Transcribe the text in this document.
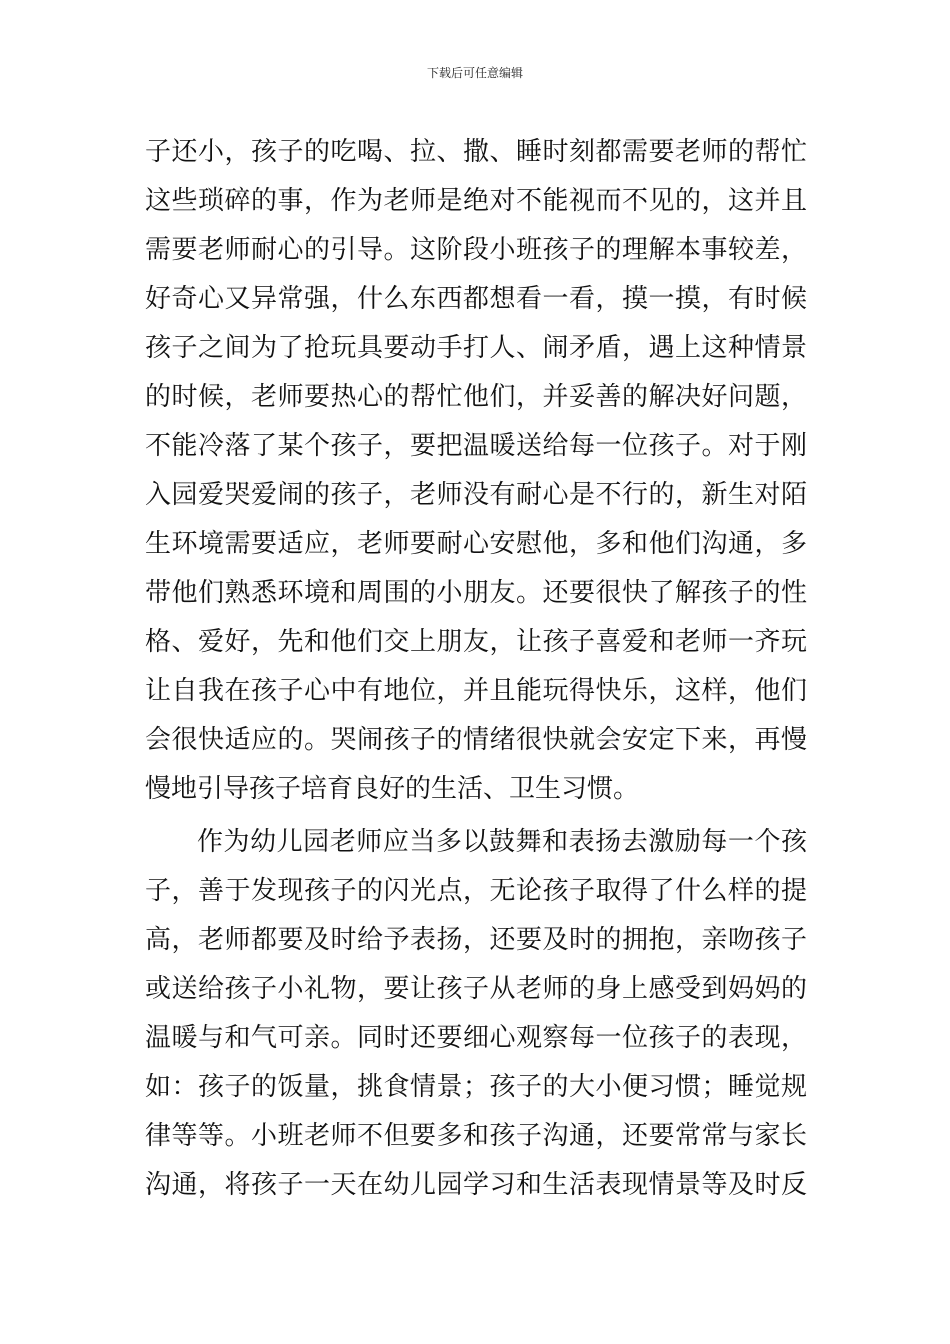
下载后可任意编辑
子还小，孩子的吃喝、拉、撒、睡时刻都需要老师的帮忙
这些琐碎的事，作为老师是绝对不能视而不见的，这并且
需要老师耐心的引导。这阶段小班孩子的理解本事较差，
好奇心又异常强，什么东西都想看一看，摸一摸，有时候
孩子之间为了抢玩具要动手打人、闹矛盾，遇上这种情景
的时候，老师要热心的帮忙他们，并妥善的解决好问题，
不能冷落了某个孩子，要把温暖送给每一位孩子。对于刚
入园爱哭爱闹的孩子，老师没有耐心是不行的，新生对陌
生环境需要适应，老师要耐心安慰他，多和他们沟通，多
带他们熟悉环境和周围的小朋友。还要很快了解孩子的性
格、爱好，先和他们交上朋友，让孩子喜爱和老师一齐玩
让自我在孩子心中有地位，并且能玩得快乐，这样，他们
会很快适应的。哭闹孩子的情绪很快就会安定下来，再慢
慢地引导孩子培育良好的生活、卫生习惯。
作为幼儿园老师应当多以鼓舞和表扬去激励每一个孩
子，善于发现孩子的闪光点，无论孩子取得了什么样的提
高，老师都要及时给予表扬，还要及时的拥抱，亲吻孩子
或送给孩子小礼物，要让孩子从老师的身上感受到妈妈的
温暖与和气可亲。同时还要细心观察每一位孩子的表现，
如：孩子的饭量，挑食情景；孩子的大小便习惯；睡觉规
律等等。小班老师不但要多和孩子沟通，还要常常与家长
沟通，将孩子一天在幼儿园学习和生活表现情景等及时反
